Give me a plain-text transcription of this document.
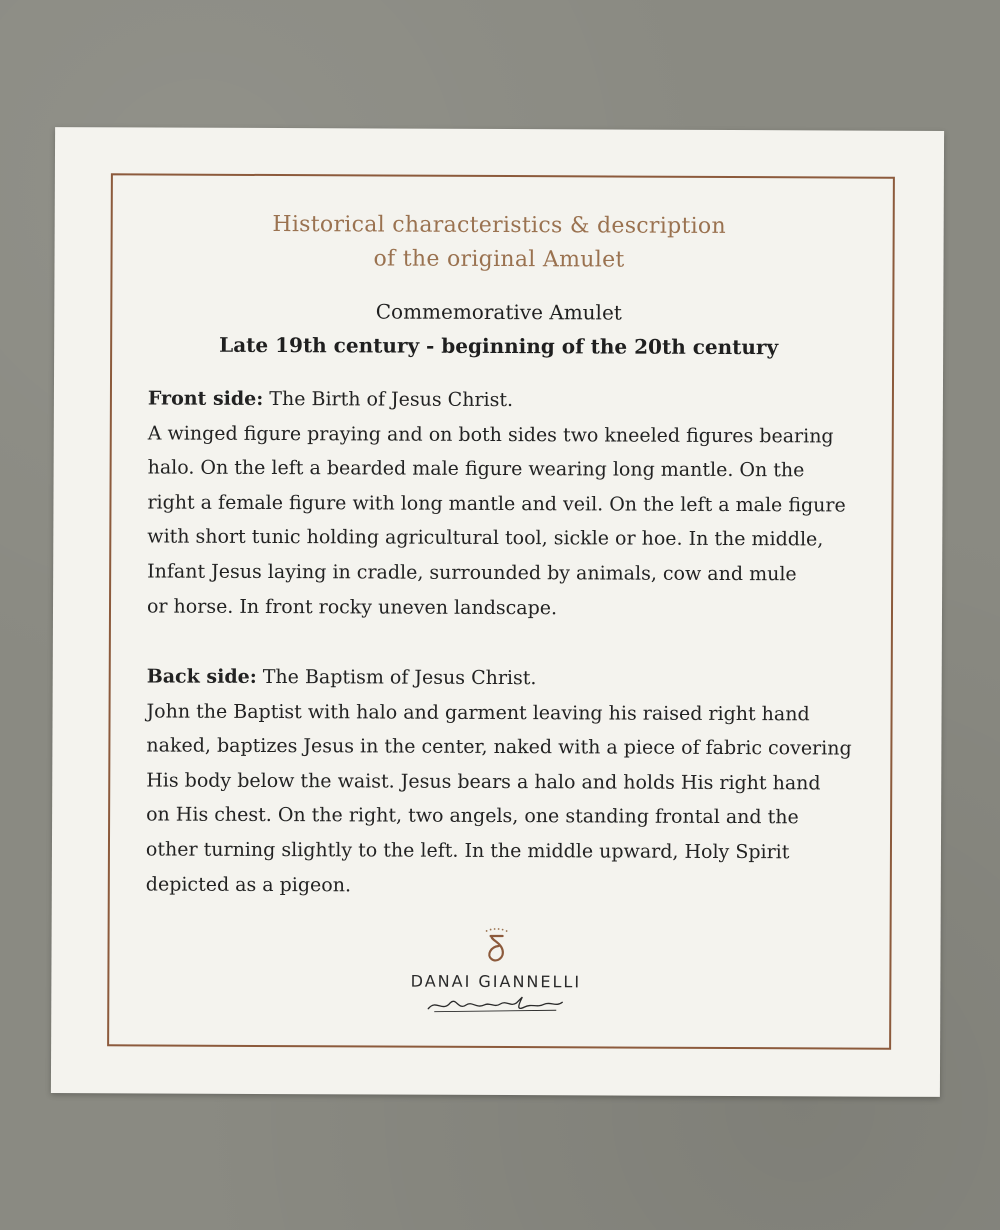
Historical characteristics & description
of the original Amulet
Commemorative Amulet
Late 19th century - beginning of the 20th century
Front side: The Birth of Jesus Christ.
A winged figure praying and on both sides two kneeled figures bearing
halo. On the left a bearded male figure wearing long mantle. On the
right a female figure with long mantle and veil. On the left a male figure
with short tunic holding agricultural tool, sickle or hoe. In the middle,
Infant Jesus laying in cradle, surrounded by animals, cow and mule
or horse. In front rocky uneven landscape.
Back side: The Baptism of Jesus Christ.
John the Baptist with halo and garment leaving his raised right hand
naked, baptizes Jesus in the center, naked with a piece of fabric covering
His body below the waist. Jesus bears a halo and holds His right hand
on His chest. On the right, two angels, one standing frontal and the
other turning slightly to the left. In the middle upward, Holy Spirit
depicted as a pigeon.
DANAI GIANNELLI
